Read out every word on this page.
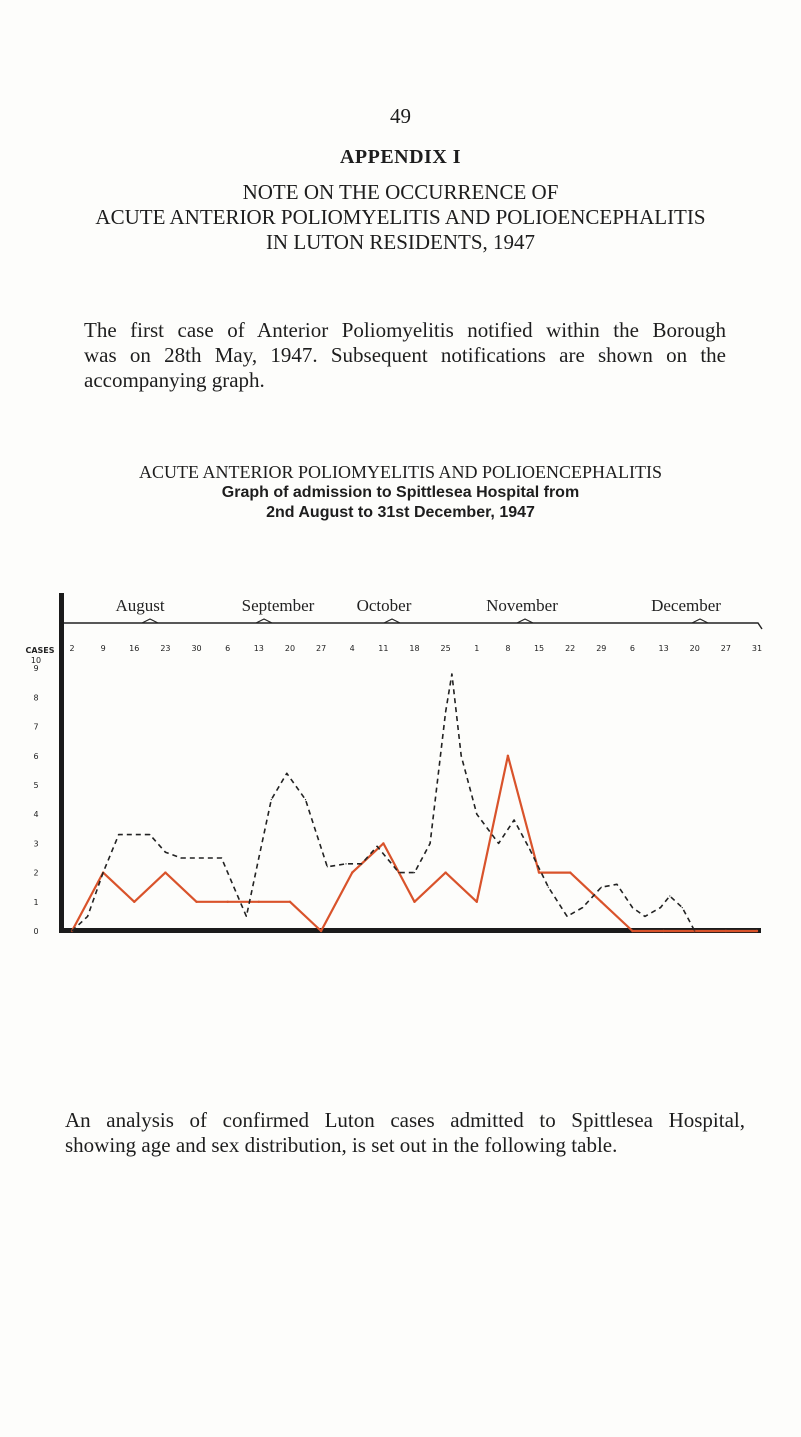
49
APPENDIX I
NOTE ON THE OCCURRENCE OF
ACUTE ANTERIOR POLIOMYELITIS AND POLIOENCEPHALITIS
IN LUTON RESIDENTS, 1947
The first case of Anterior Poliomyelitis notified within the Borough
was on 28th May, 1947. Subsequent notifications are shown on the
accompanying graph.
ACUTE ANTERIOR POLIOMYELITIS AND POLIOENCEPHALITIS
Graph of admission to Spittlesea Hospital from
2nd August to 31st December, 1947
August	September October	November	December
2	9	16	23	30	6	13	20	27	4	11	18	25	1	8	15	22	29	6	13	20	27	31
0
1
2
3
4
5
6
7
8
9
10
CASES
An analysis of confirmed Luton cases admitted to Spittlesea Hospital,
showing age and sex distribution, is set out in the following table.
